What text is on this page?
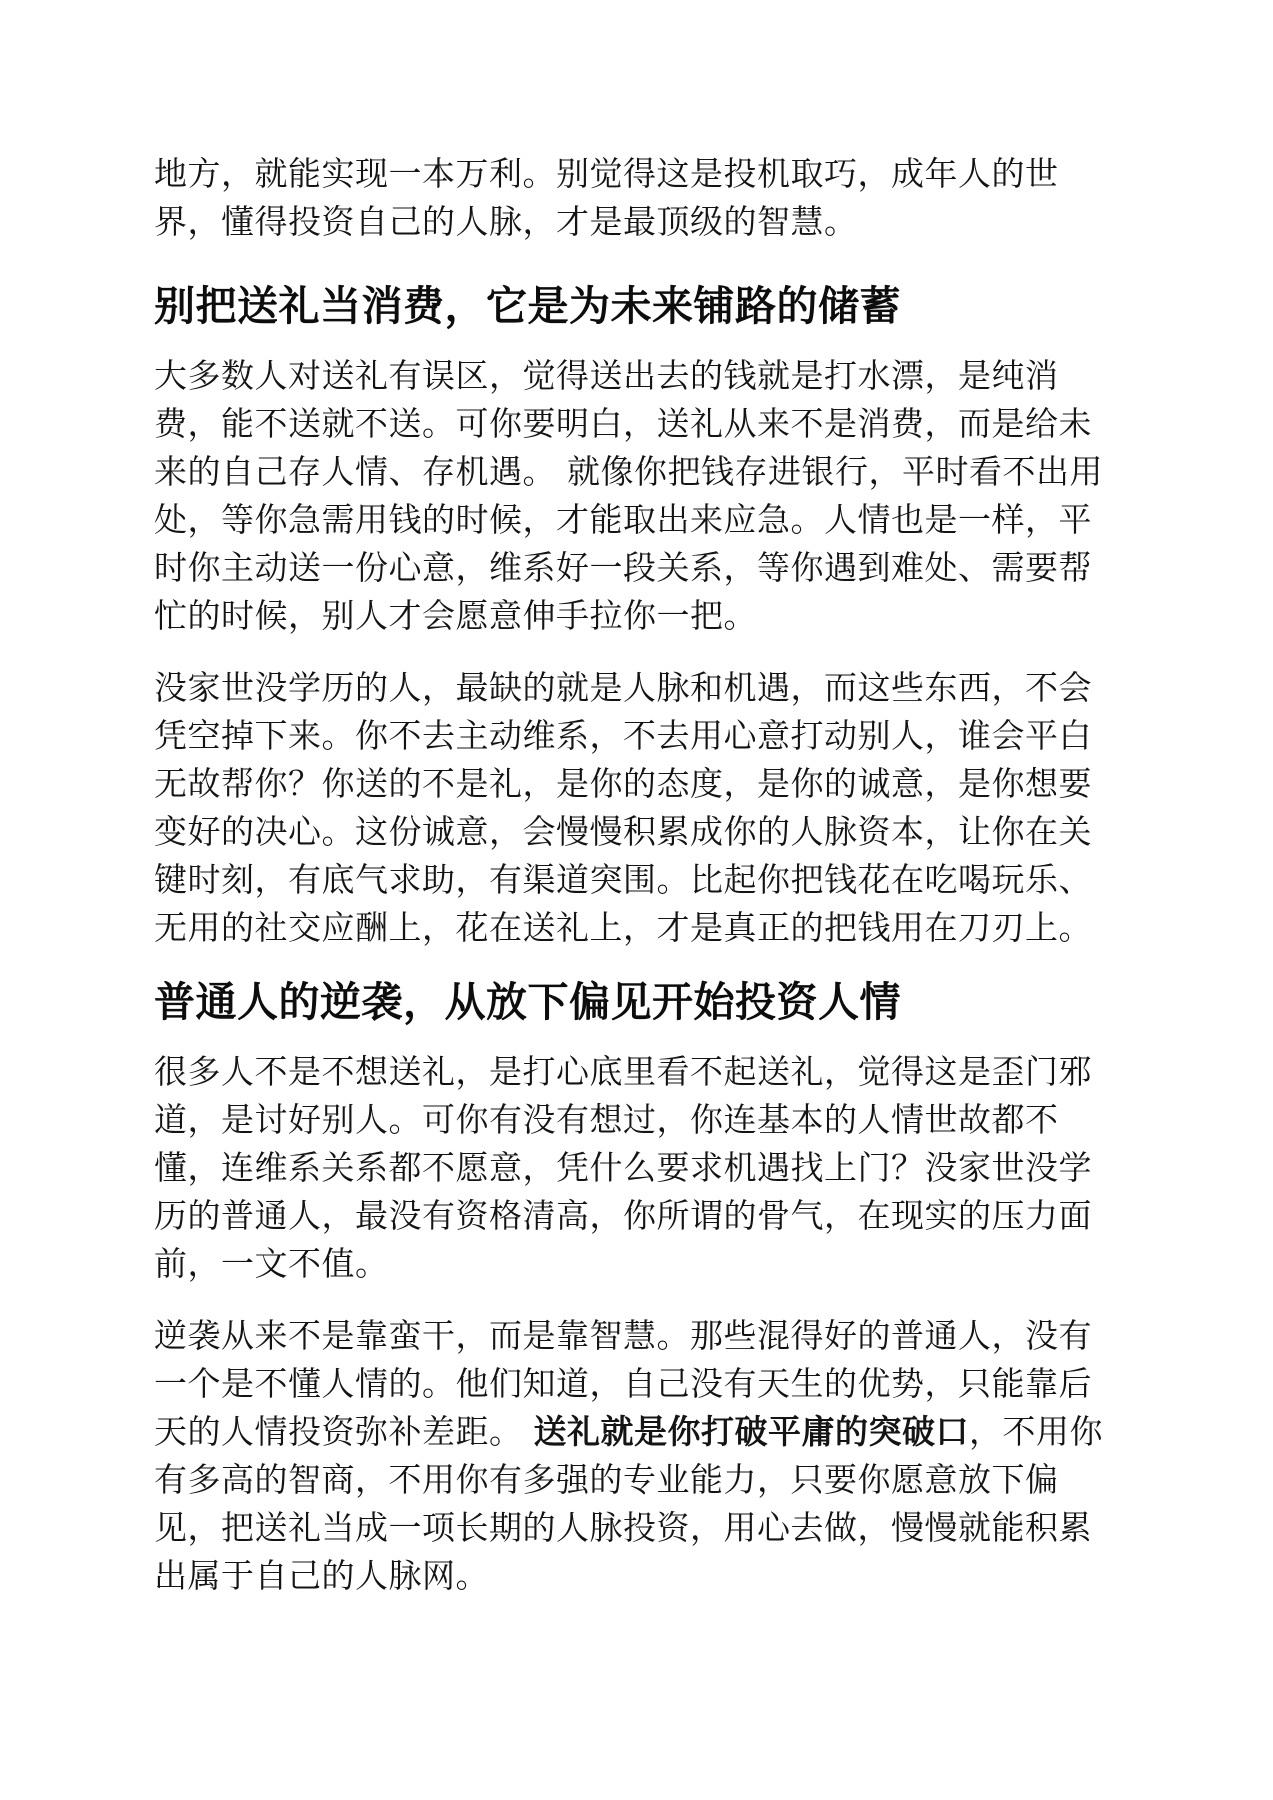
地方，就能实现一本万利。别觉得这是投机取巧，成年人的世
界，懂得投资自己的人脉，才是最顶级的智慧。
别把送礼当消费，它是为未来铺路的储蓄
大多数人对送礼有误区，觉得送出去的钱就是打水漂，是纯消
费，能不送就不送。可你要明白，送礼从来不是消费，而是给未
来的自己存人情、存机遇。 就像你把钱存进银行，平时看不出用
处，等你急需用钱的时候，才能取出来应急。人情也是一样，平
时你主动送一份心意，维系好一段关系，等你遇到难处、需要帮
忙的时候，别人才会愿意伸手拉你一把。
没家世没学历的人，最缺的就是人脉和机遇，而这些东西，不会
凭空掉下来。你不去主动维系，不去用心意打动别人，谁会平白
无故帮你？你送的不是礼，是你的态度，是你的诚意，是你想要
变好的决心。这份诚意，会慢慢积累成你的人脉资本，让你在关
键时刻，有底气求助，有渠道突围。比起你把钱花在吃喝玩乐、
无用的社交应酬上，花在送礼上，才是真正的把钱用在刀刃上。
普通人的逆袭，从放下偏见开始投资人情
很多人不是不想送礼，是打心底里看不起送礼，觉得这是歪门邪
道，是讨好别人。可你有没有想过，你连基本的人情世故都不
懂，连维系关系都不愿意，凭什么要求机遇找上门？没家世没学
历的普通人，最没有资格清高，你所谓的骨气，在现实的压力面
前，一文不值。
逆袭从来不是靠蛮干，而是靠智慧。那些混得好的普通人，没有
一个是不懂人情的。他们知道，自己没有天生的优势，只能靠后
天的人情投资弥补差距。 送礼就是你打破平庸的突破口，不用你
有多高的智商，不用你有多强的专业能力，只要你愿意放下偏
见，把送礼当成一项长期的人脉投资，用心去做，慢慢就能积累
出属于自己的人脉网。
